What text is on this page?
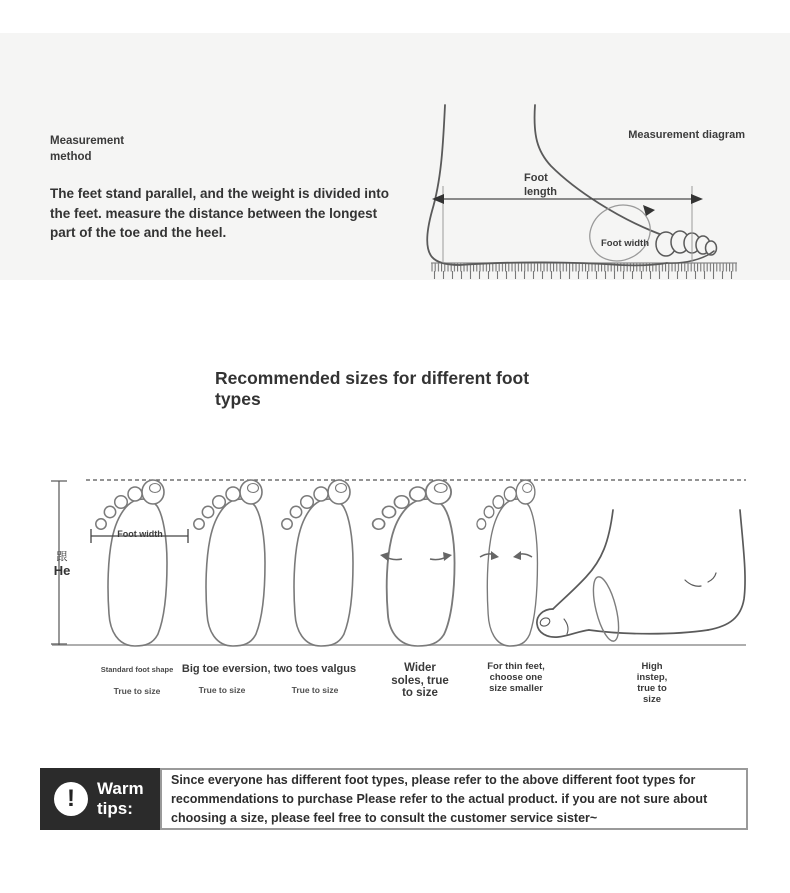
Measurement method
The feet stand parallel, and the weight is divided into the feet. measure the distance between the longest part of the toe and the heel.
Measurement diagram
Foot length
Foot width
Recommended sizes for different foot types
跟
He
Foot width
Standard foot shape
True to size
Big toe eversion, two toes valgus
True to size	True to size
Wider soles, true to size
For thin feet, choose one size smaller
High instep, true to size
!	Warm tips:
Since everyone has different foot types, please refer to the above different foot types for recommendations to purchase Please refer to the actual product. if you are not sure about choosing a size, please feel free to consult the customer service sister~
